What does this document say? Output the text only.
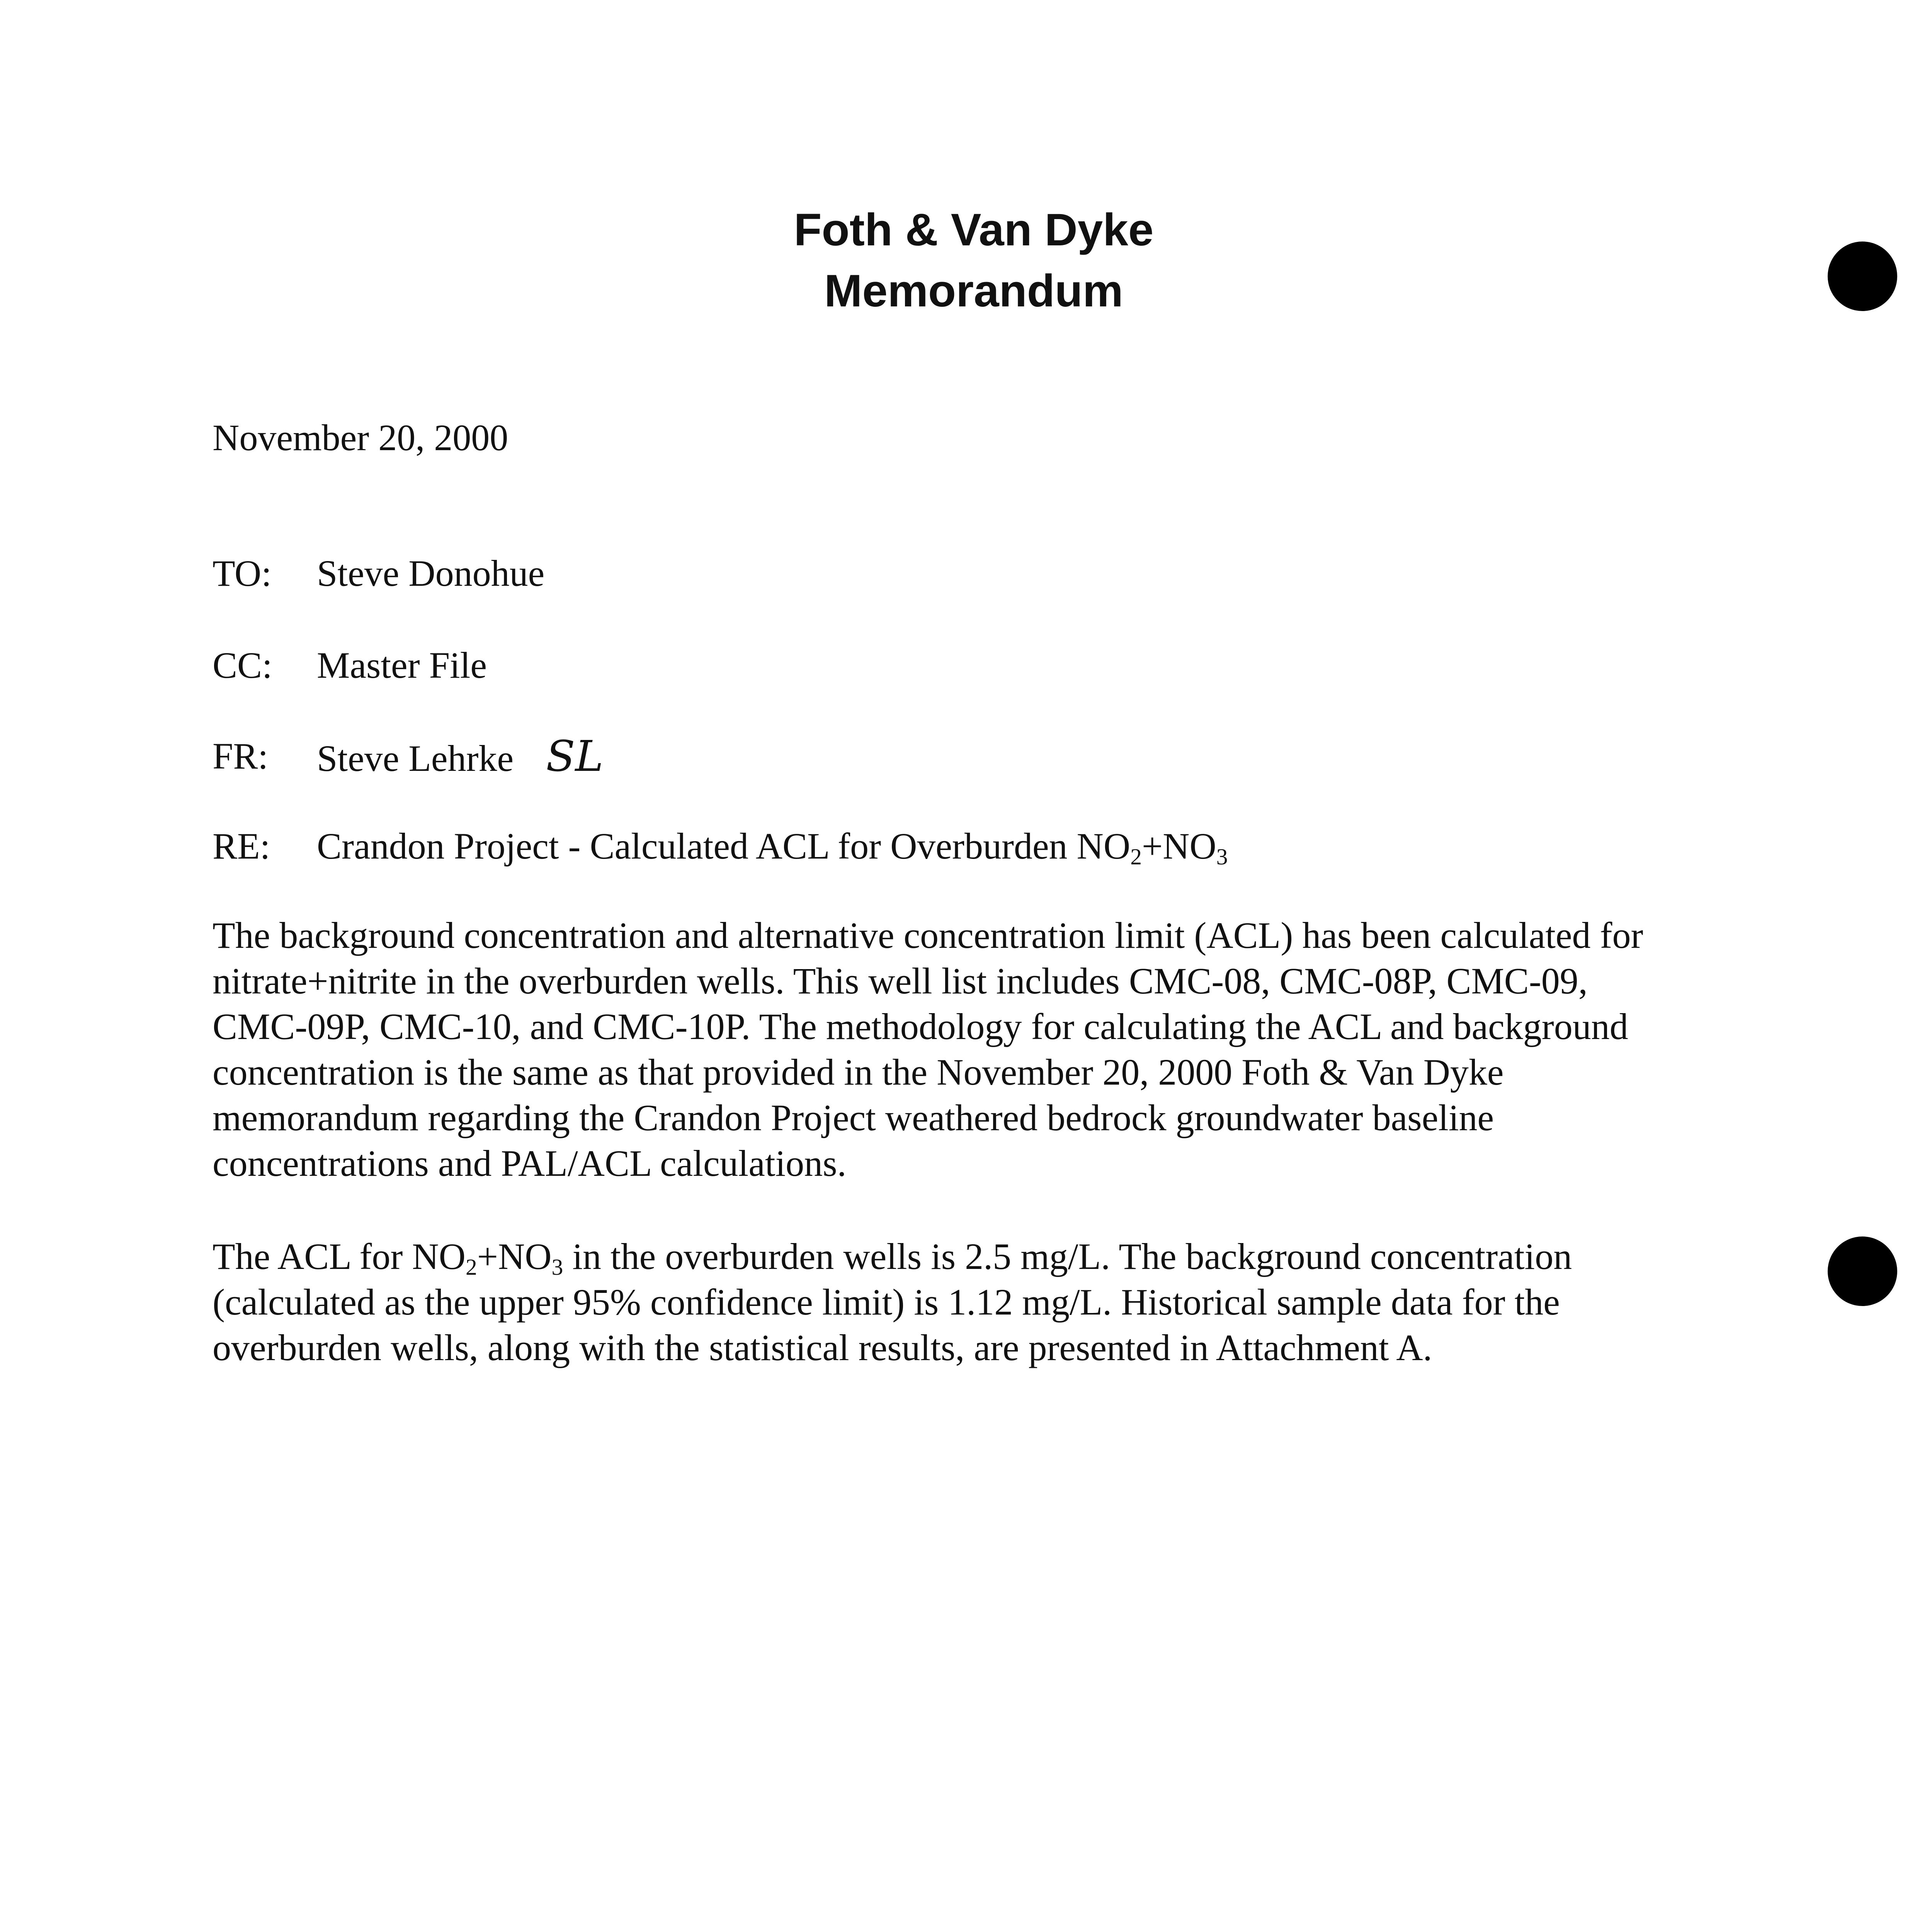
Foth & Van Dyke
Memorandum
November 20, 2000
TO: Steve Donohue
CC: Master File
FR: Steve Lehrke SL
RE: Crandon Project - Calculated ACL for Overburden $NO_2+NO_3$
The background concentration and alternative concentration limit (ACL) has been calculated for
nitrate+nitrite in the overburden wells. This well list includes CMC-08, CMC-08P, CMC-09,
CMC-09P, CMC-10, and CMC-10P. The methodology for calculating the ACL and background
concentration is the same as that provided in the November 20, 2000 Foth & Van Dyke
memorandum regarding the Crandon Project weathered bedrock groundwater baseline
concentrations and PAL/ACL calculations.
The ACL for $NO_2+NO_3$ in the overburden wells is 2.5 mg/L. The background concentration
(calculated as the upper 95% confidence limit) is 1.12 mg/L. Historical sample data for the
overburden wells, along with the statistical results, are presented in Attachment A.
